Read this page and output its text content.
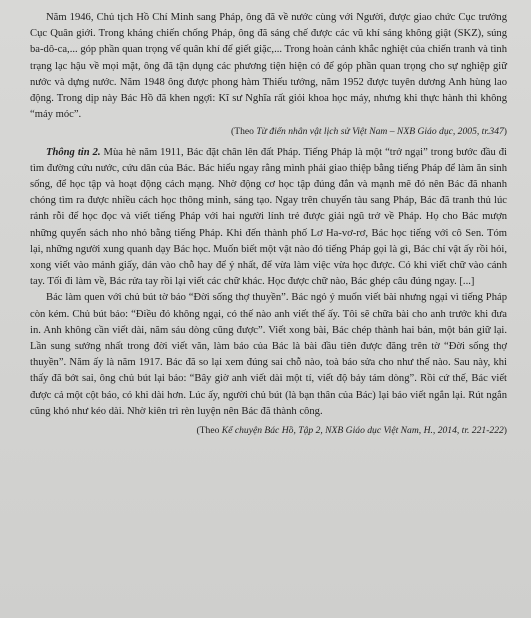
Năm 1946, Chủ tịch Hồ Chí Minh sang Pháp, ông đã về nước cùng với Người, được giao chức Cục trưởng Cục Quân giới. Trong kháng chiến chống Pháp, ông đã sáng chế được các vũ khí sáng không giật (SKZ), súng ba-dô-ca,... góp phần quan trọng vế quân khí để giết giặc,... Trong hoàn cảnh khắc nghiệt của chiến tranh và tình trạng lạc hậu về mọi mặt, ông đã tận dụng các phương tiện hiện có để góp phần quan trọng cho sự nghiệp giữ nước và dựng nước. Năm 1948 ông được phong hàm Thiếu tướng, năm 1952 được tuyên dương Anh hùng lao động. Trong dịp này Bác Hồ đã khen ngợi: Kĩ sư Nghĩa rất giỏi khoa học máy, nhưng khi thực hành thì không “máy móc”.

(Theo Từ điển nhân vật lịch sử Việt Nam – NXB Giáo dục, 2005, tr.347)

Thông tin 2. Mùa hè năm 1911, Bác đặt chân lên đất Pháp. Tiếng Pháp là một “trở ngại” trong bước đầu đi tìm đường cứu nước, cứu dân của Bác. Bác hiểu ngay rằng mình phải giao thiệp bằng tiếng Pháp để làm ăn sinh sống, để học tập và hoạt động cách mạng. Nhờ động cơ học tập đúng đắn và mạnh mẽ đó nên Bác đã nhanh chóng tìm ra được nhiều cách học thông minh, sáng tạo. Ngay trên chuyến tàu sang Pháp, Bác đã tranh thủ lúc rảnh rỗi để học đọc và viết tiếng Pháp với hai người lính trẻ được giải ngũ trở về Pháp. Họ cho Bác mượn những quyển sách nho nhỏ bằng tiếng Pháp. Khi đến thành phố Lơ Ha-vơ-rơ, Bác học tiếng với cô Sen. Tóm lại, những người xung quanh dạy Bác học. Muốn biết một vật nào đó tiếng Pháp gọi là gì, Bác chỉ vật ấy rồi hỏi, xong viết vào mảnh giấy, dán vào chỗ hay để ý nhất, để vừa làm việc vừa học được. Có khi viết chữ vào cánh tay. Tối đi làm về, Bác rửa tay rồi lại viết các chữ khác. Học được chữ nào, Bác ghép câu đúng ngay. [...]

Bác làm quen với chủ bút tờ báo “Đời sống thợ thuyền”. Bác ngỏ ý muốn viết bài nhưng ngại vì tiếng Pháp còn kém. Chủ bút bảo: “Điều đó không ngại, có thế nào anh viết thế ấy. Tôi sẽ chữa bài cho anh trước khi đưa in. Anh không cần viết dài, năm sáu dòng cũng được”. Viết xong bài, Bác chép thành hai bản, một bản giữ lại. Lần sung sướng nhất trong đời viết văn, làm báo của Bác là bài đầu tiên được đăng trên tờ “Đời sống thợ thuyền”. Năm ấy là năm 1917. Bác đã so lại xem đúng sai chỗ nào, toà báo sửa cho như thế nào. Sau này, khi thấy đã bớt sai, ông chủ bút lại bảo: “Bây giờ anh viết dài một tí, viết độ bảy tám dòng”. Rồi cứ thế, Bác viết được cả một cột báo, có khi dài hơn. Lúc ấy, người chủ bút (là bạn thân của Bác) lại bảo viết ngắn lại. Rút ngắn cũng khó như kéo dài. Nhờ kiên trì rèn luyện nên Bác đã thành công.

(Theo Kể chuyện Bác Hồ, Tập 2, NXB Giáo dục Việt Nam, H., 2014, tr. 221-222)
